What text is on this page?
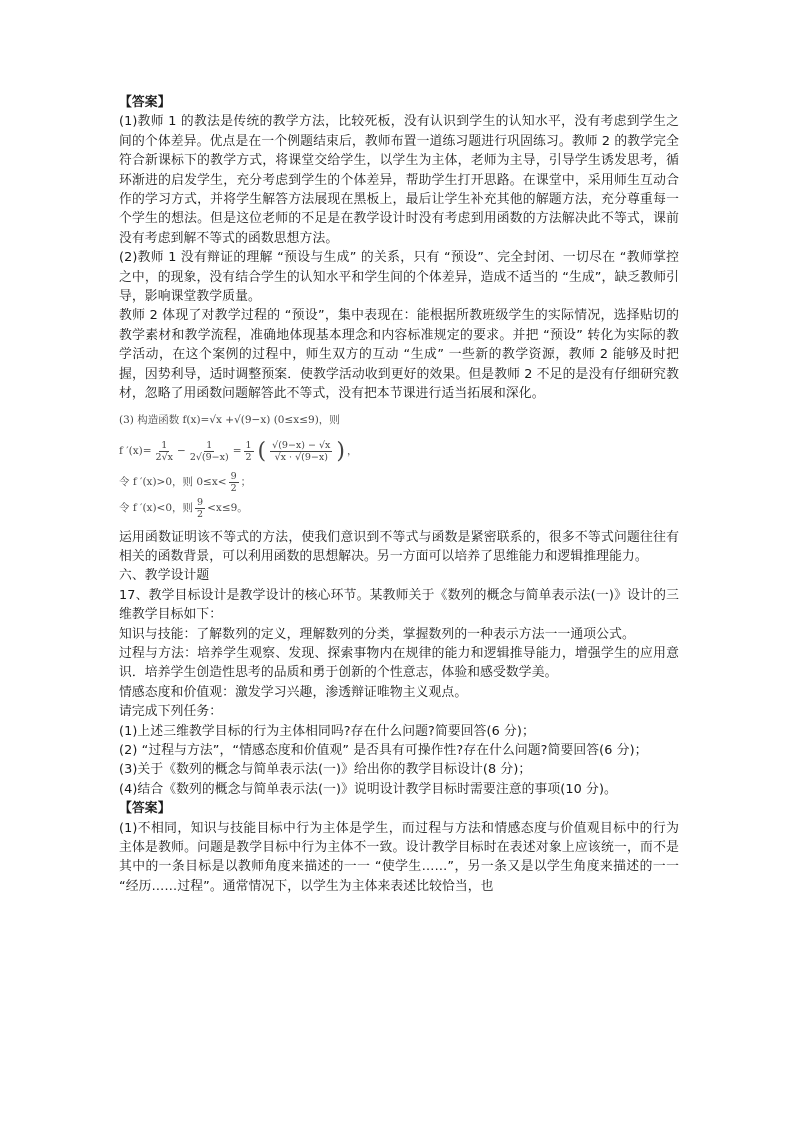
【答案】

(1)教师 1 的教法是传统的教学方法，比较死板，没有认识到学生的认知水平，没有考虑到学生之间的个体差异。优点是在一个例题结束后，教师布置一道练习题进行巩固练习。教师 2 的教学完全符合新课标下的教学方式，将课堂交给学生，以学生为主体，老师为主导，引导学生诱发思考，循环渐进的启发学生，充分考虑到学生的个体差异，帮助学生打开思路。在课堂中，采用师生互动合作的学习方式，并将学生解答方法展现在黑板上，最后让学生补充其他的解题方法，充分尊重每一个学生的想法。但是这位老师的不足是在教学设计时没有考虑到用函数的方法解决此不等式，课前没有考虑到解不等式的函数思想方法。

(2)教师 1 没有辩证的理解 “预设与生成” 的关系，只有 “预设”、完全封闭、一切尽在 “教师掌控之中，的现象，没有结合学生的认知水平和学生间的个体差异，造成不适当的 “生成”，缺乏教师引导，影响课堂教学质量。

教师 2 体现了对教学过程的 “预设”，集中表现在：能根据所教班级学生的实际情况，选择贴切的教学素材和教学流程，准确地体现基本理念和内容标准规定的要求。并把 “预设” 转化为实际的教学活动，在这个案例的过程中，师生双方的互动 “生成” 一些新的教学资源，教师 2 能够及时把握，因势利导，适时调整预案．使教学活动收到更好的效果。但是教师 2 不足的是没有仔细研究教材，忽略了用函数问题解答此不等式，没有把本节课进行适当拓展和深化。

(3) 构造函数 f(x)=√x +√(9−x) (0≤x≤9)，则
f $'(x)= \frac{1}{2√x} - \frac{1}{2√(9-x)} = \frac{1}{2}$ ( $\frac{√(9-x) - √x}{√x \cdot √(9-x)}$ ) ，
令 f ′(x)>0，则 $0\le x< \frac{9}{2}$ ；
令 f ′(x)<0，则 $\frac{9}{2} <x\le 9$。

运用函数证明该不等式的方法，使我们意识到不等式与函数是紧密联系的，很多不等式问题往往有相关的函数背景，可以利用函数的思想解决。另一方面可以培养了思维能力和逻辑推理能力。

六、教学设计题

17、教学目标设计是教学设计的核心环节。某教师关于《数列的概念与简单表示法(一)》设计的三维教学目标如下：

知识与技能：了解数列的定义，理解数列的分类，掌握数列的一种表示方法一一通项公式。

过程与方法：培养学生观察、发现、探索事物内在规律的能力和逻辑推导能力，增强学生的应用意识．培养学生创造性思考的品质和勇于创新的个性意志，体验和感受数学美。

情感态度和价值观：激发学习兴趣，渗透辩证唯物主义观点。

请完成下列任务：

(1)上述三维教学目标的行为主体相同吗?存在什么问题?简要回答(6 分)；

(2) “过程与方法”，“情感态度和价值观” 是否具有可操作性?存在什么问题?简要回答(6 分)；

(3)关于《数列的概念与简单表示法(一)》给出你的教学目标设计(8 分)；

(4)结合《数列的概念与简单表示法(一)》说明设计教学目标时需要注意的事项(10 分)。

【答案】

(1)不相同，知识与技能目标中行为主体是学生，而过程与方法和情感态度与价值观目标中的行为主体是教师。问题是教学目标中行为主体不一致。设计教学目标时在表述对象上应该统一，而不是其中的一条目标是以教师角度来描述的一一 “使学生……”，另一条又是以学生角度来描述的一一 “经历……过程”。通常情况下，以学生为主体来表述比较恰当，也
